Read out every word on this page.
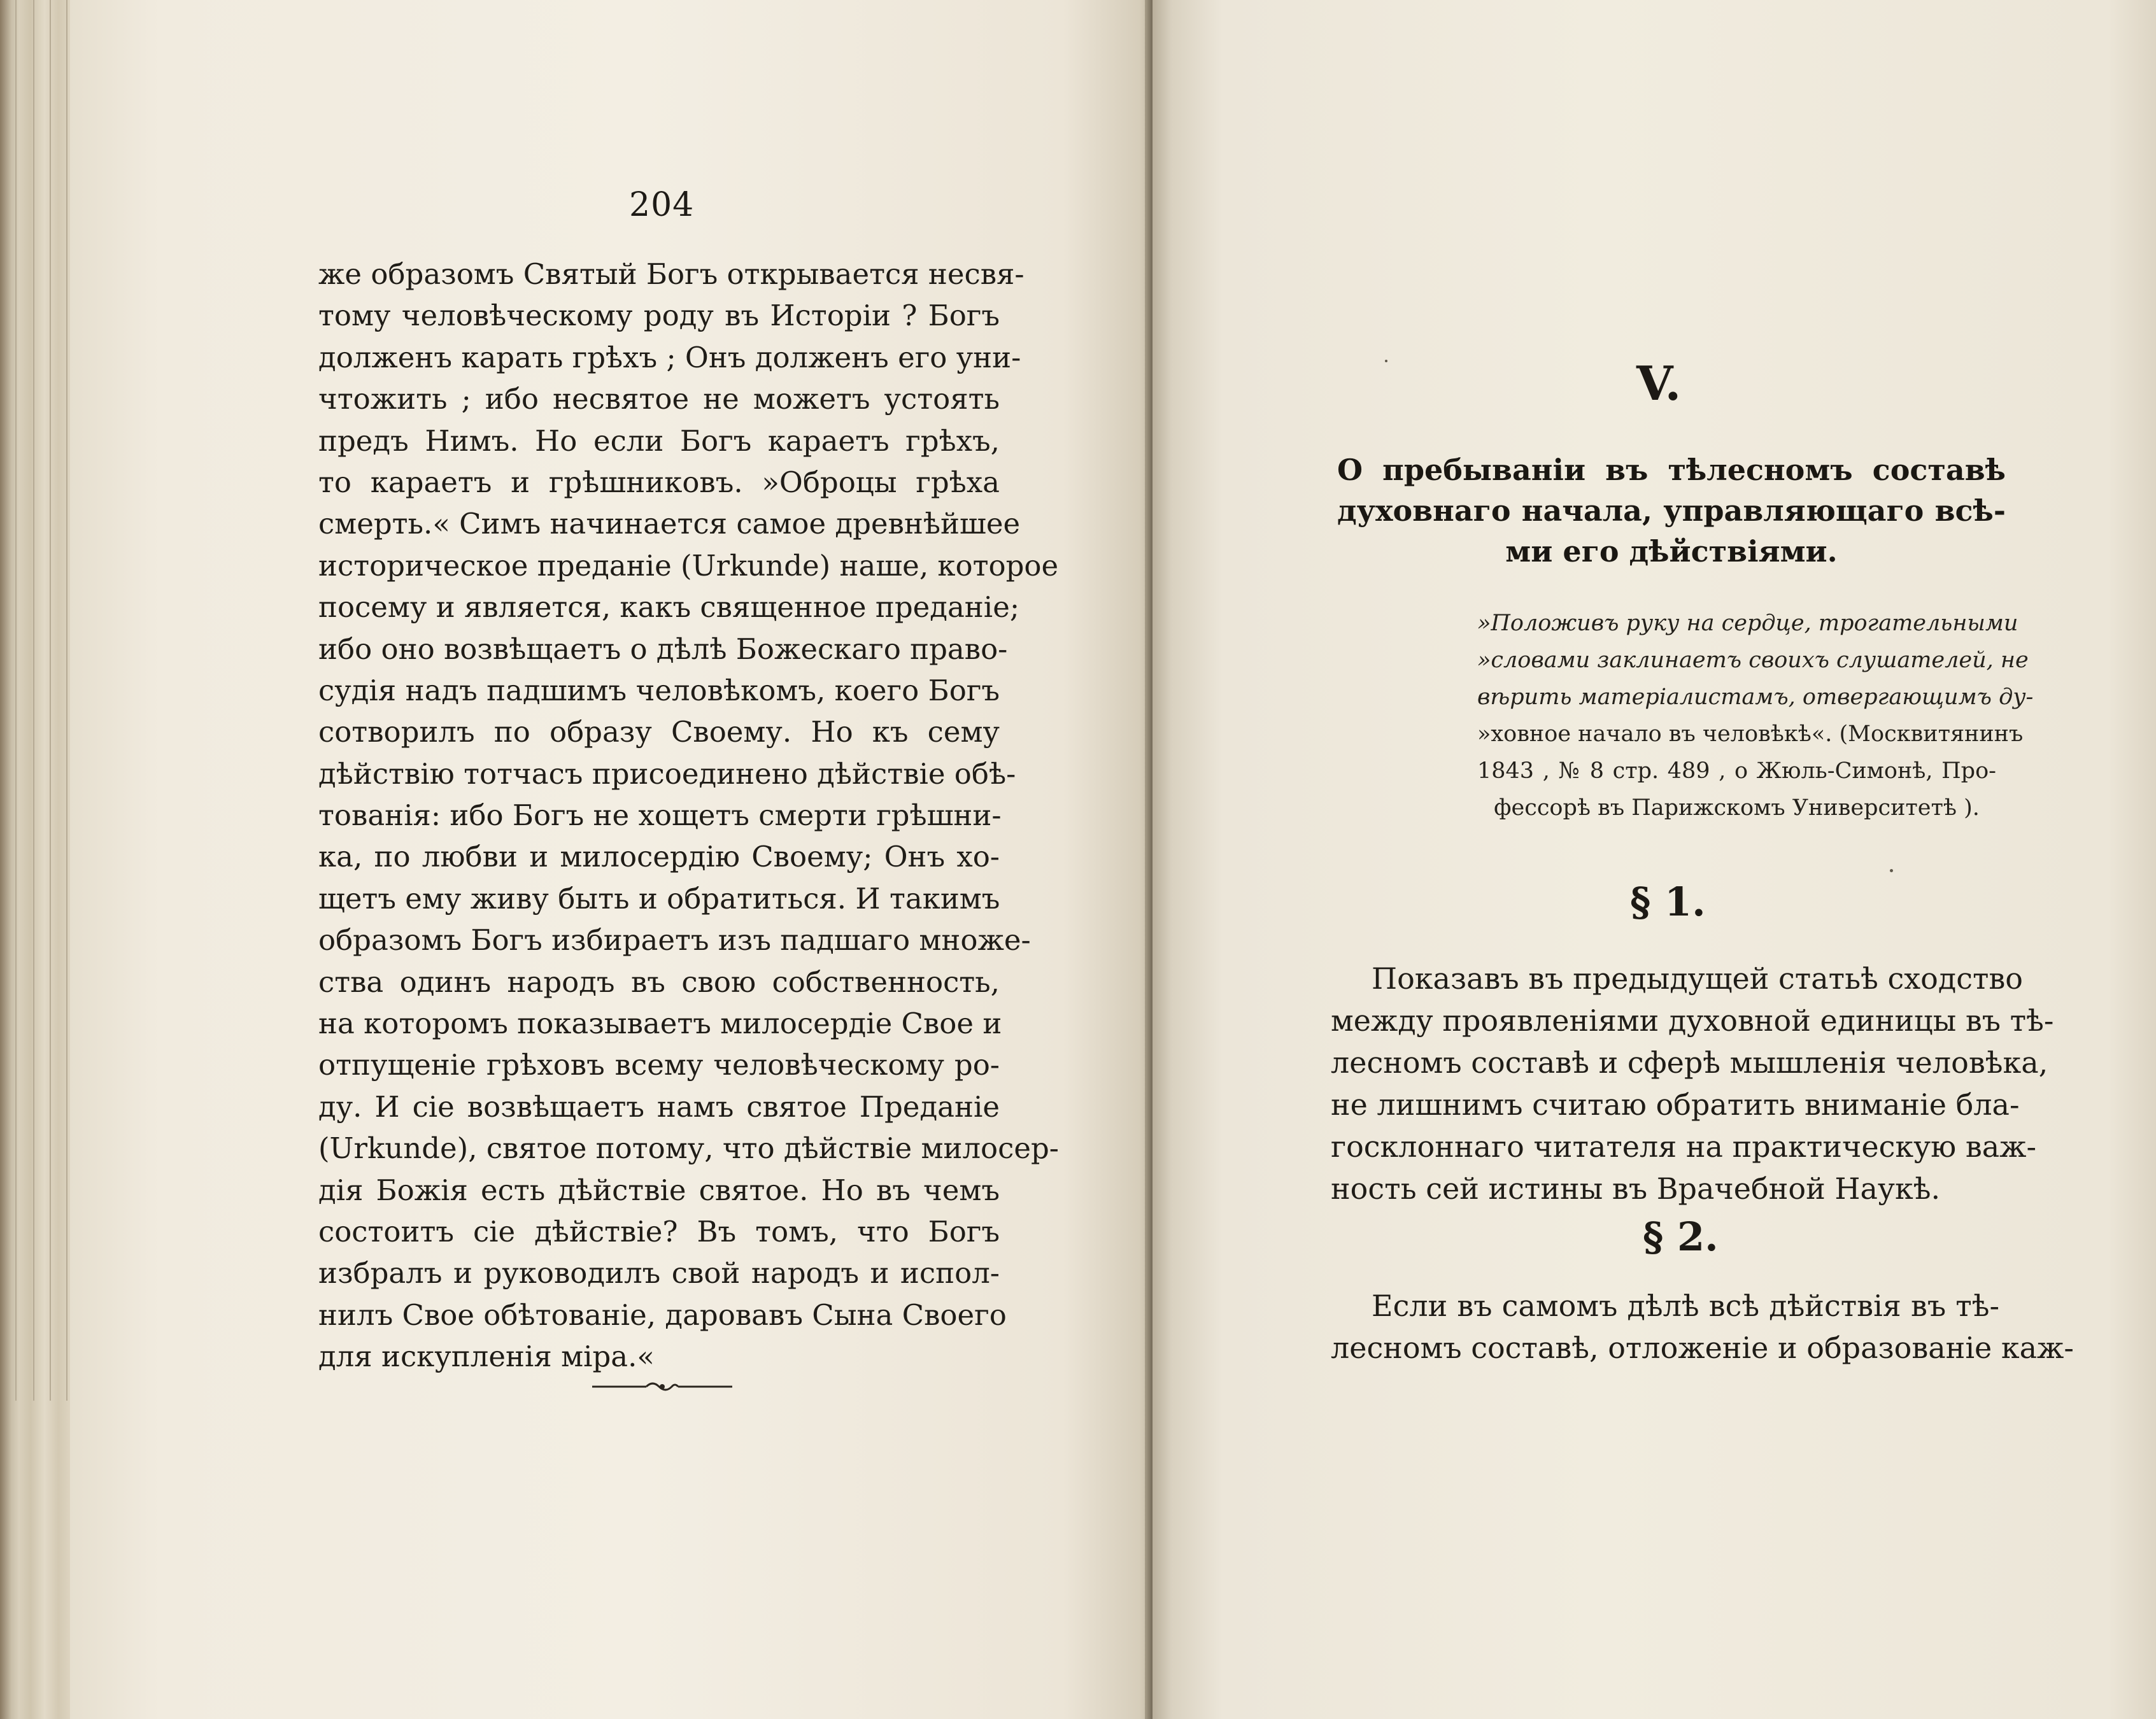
204
же образомъ Святый Богъ открывается несвя-
тому человѣческому роду въ Исторіи ? Богъ
долженъ карать грѣхъ ; Онъ долженъ его уни-
чтожить ; ибо несвятое не можетъ устоять
предъ Нимъ. Но если Богъ караетъ грѣхъ,
то караетъ и грѣшниковъ. »Оброцы грѣха
смерть.« Симъ начинается самое древнѣйшее
историческое преданіе (Urkunde) наше, которое
посему и является, какъ священное преданіе;
ибо оно возвѣщаетъ о дѣлѣ Божескаго право-
судія надъ падшимъ человѣкомъ, коего Богъ
сотворилъ по образу Своему. Но къ сему
дѣйствію тотчасъ присоединено дѣйствіе обѣ-
тованія: ибо Богъ не хощетъ смерти грѣшни-
ка, по любви и милосердію Своему; Онъ хо-
щетъ ему живу быть и обратиться. И такимъ
образомъ Богъ избираетъ изъ падшаго множе-
ства одинъ народъ въ свою собственность,
на которомъ показываетъ милосердіе Свое и
отпущеніе грѣховъ всему человѣческому ро-
ду. И сіе возвѣщаетъ намъ святое Преданіе
(Urkunde), святое потому, что дѣйствіе милосер-
дія Божія есть дѣйствіе святое. Но въ чемъ
состоитъ сіе дѣйствіе? Въ томъ, что Богъ
избралъ и руководилъ свой народъ и испол-
нилъ Свое обѣтованіе, даровавъ Сына Своего
для искупленія міра.«
V.
О пребываніи въ тѣлесномъ составѣ
духовнаго начала, управляющаго всѣ-
ми его дѣйствіями.
»Положивъ руку на сердце, трогательными
»словами заклинаетъ своихъ слушателей, не
вѣрить матеріалистамъ, отвергающимъ ду-
»ховное начало въ человѣкѣ«. (Москвитянинъ
1843 , № 8 стр. 489 , о Жюль-Симонѣ, Про-
фессорѣ въ Парижскомъ Университетѣ ).
§ 1.
Показавъ въ предыдущей статьѣ сходство
между проявленіями духовной единицы въ тѣ-
лесномъ составѣ и сферѣ мышленія человѣка,
не лишнимъ считаю обратить вниманіе бла-
госклоннаго читателя на практическую важ-
ность сей истины въ Врачебной Наукѣ.
§ 2.
Если въ самомъ дѣлѣ всѣ дѣйствія въ тѣ-
лесномъ составѣ, отложеніе и образованіе каж-
